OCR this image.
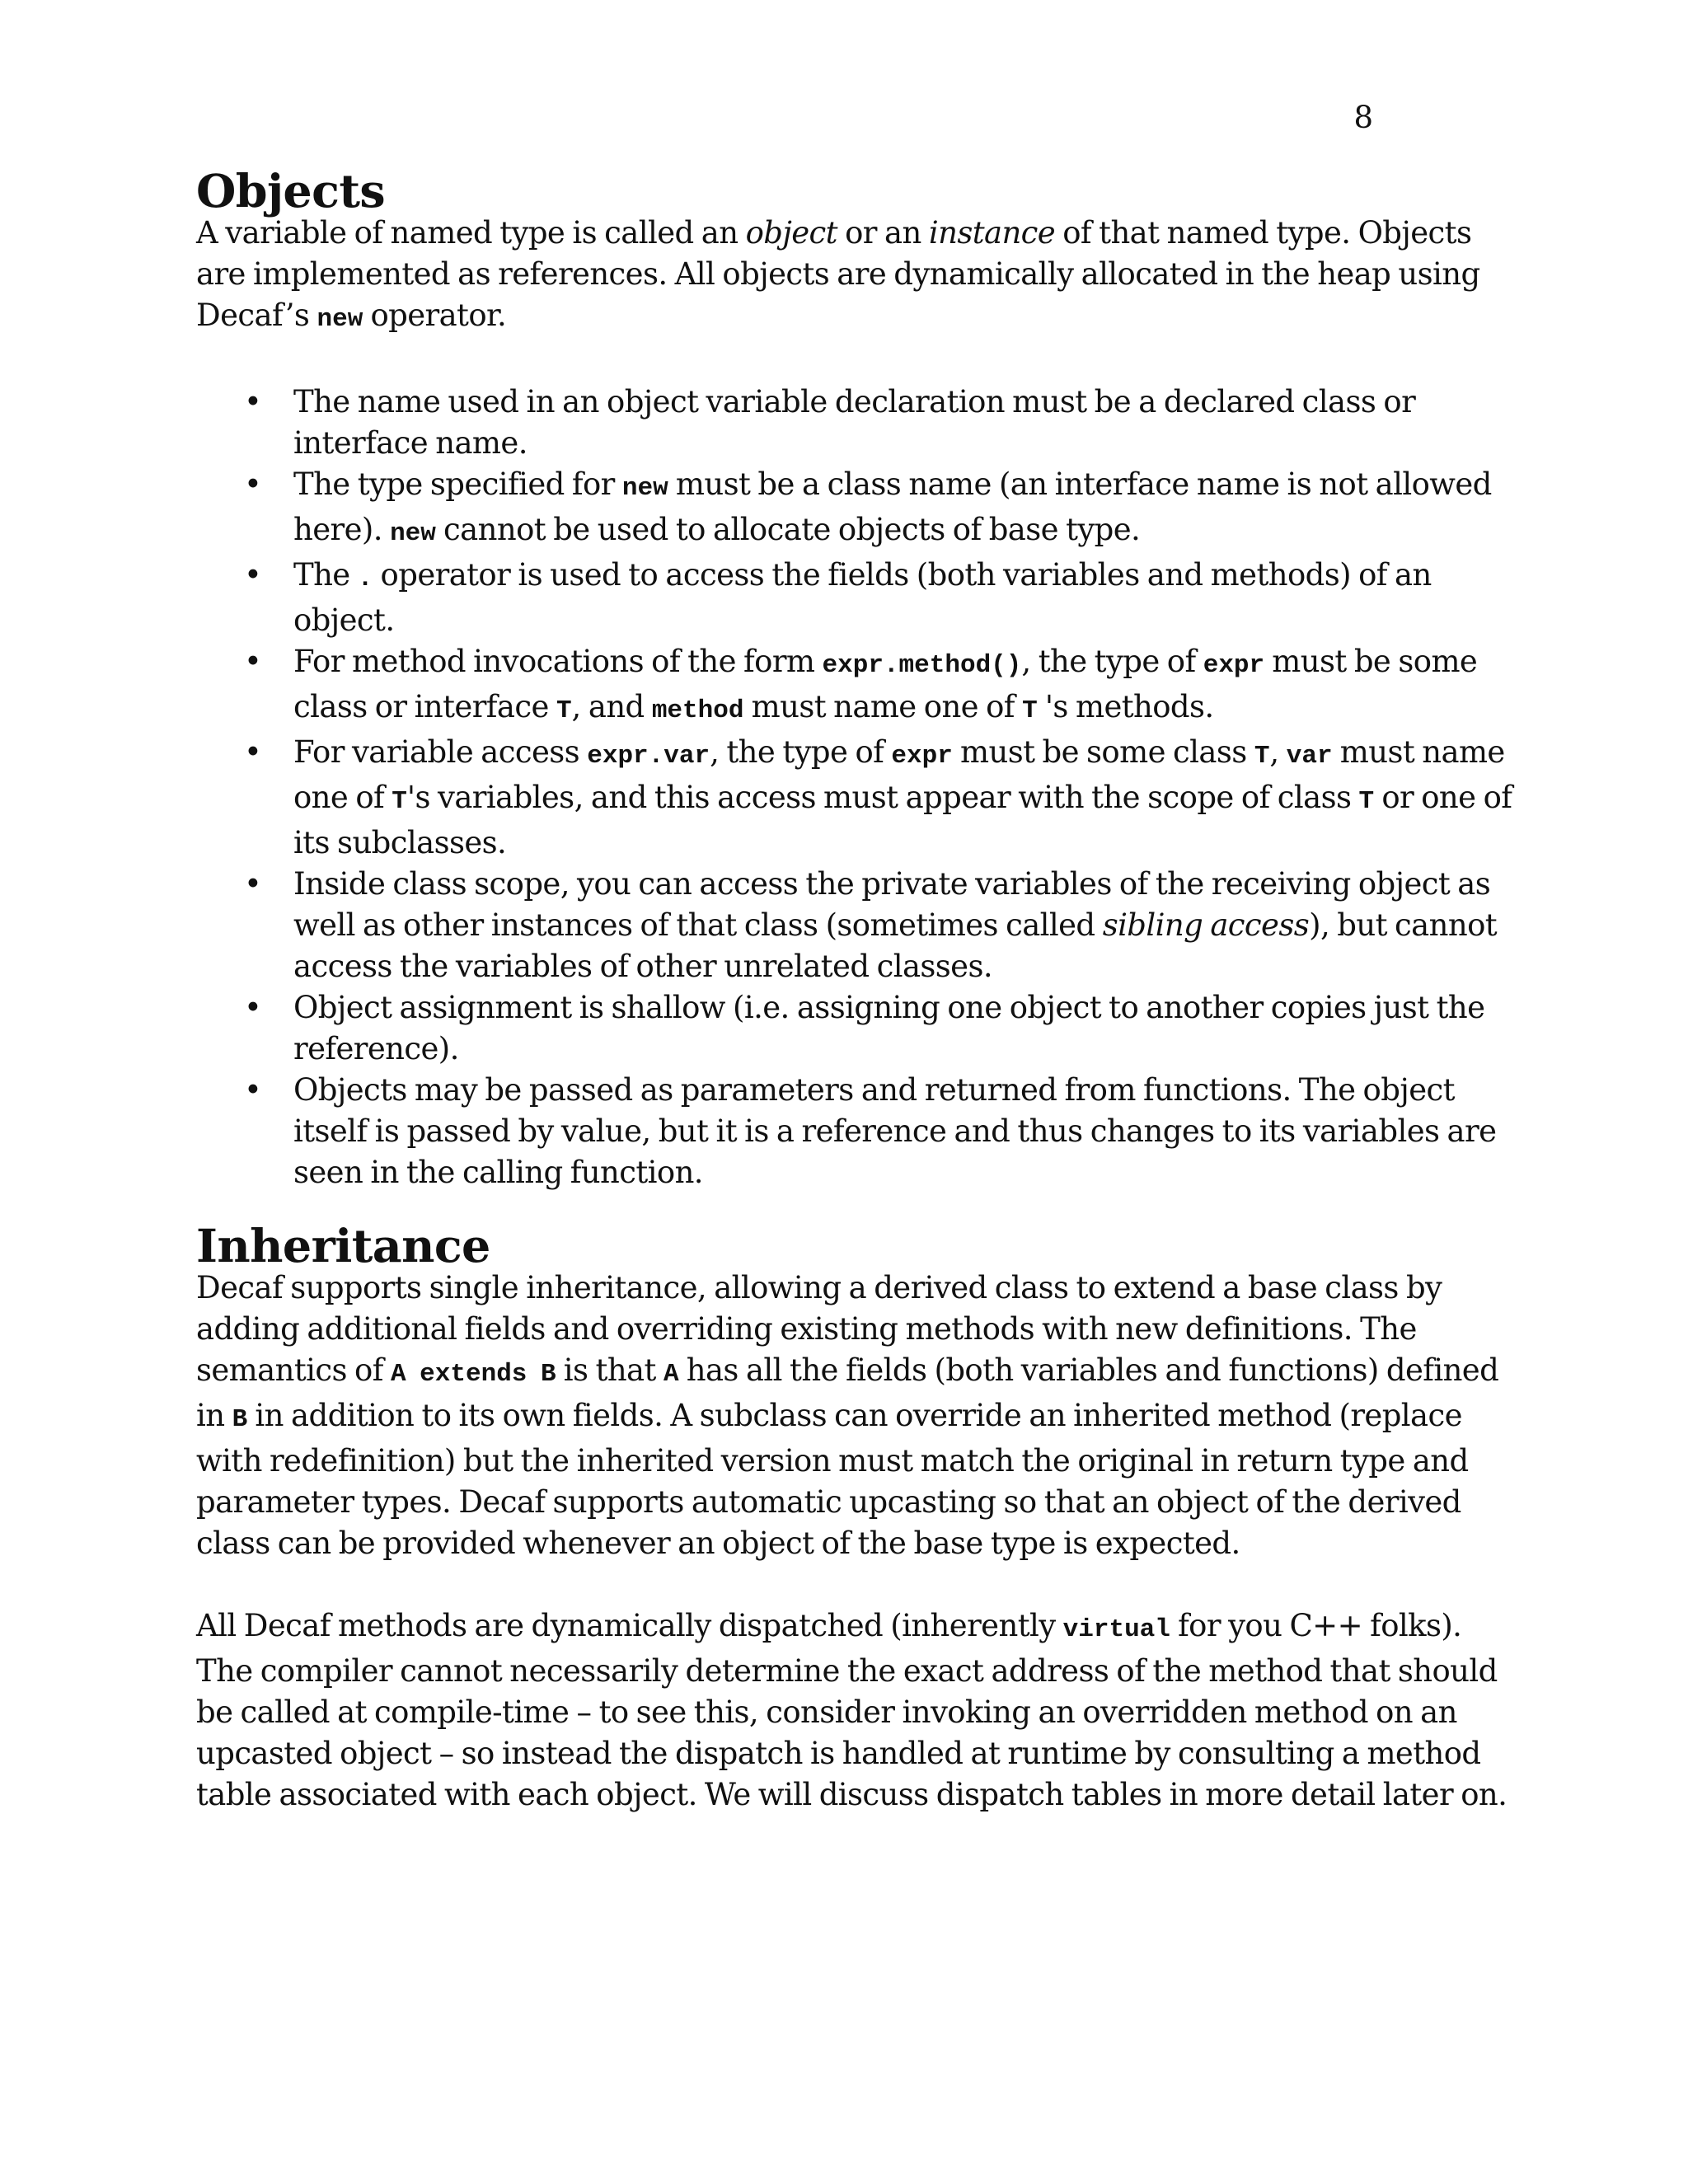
8
Objects

A variable of named type is called an object or an instance of that named type. Objects are implemented as references. All objects are dynamically allocated in the heap using Decaf’s new operator.

• The name used in an object variable declaration must be a declared class or interface name.
• The type specified for new must be a class name (an interface name is not allowed here). new cannot be used to allocate objects of base type.
• The . operator is used to access the fields (both variables and methods) of an object.
• For method invocations of the form expr.method(), the type of expr must be some class or interface T, and method must name one of T 's methods.
• For variable access expr.var, the type of expr must be some class T, var must name one of T's variables, and this access must appear with the scope of class T or one of its subclasses.
• Inside class scope, you can access the private variables of the receiving object as well as other instances of that class (sometimes called sibling access), but cannot access the variables of other unrelated classes.
• Object assignment is shallow (i.e. assigning one object to another copies just the reference).
• Objects may be passed as parameters and returned from functions. The object itself is passed by value, but it is a reference and thus changes to its variables are seen in the calling function.
Inheritance

Decaf supports single inheritance, allowing a derived class to extend a base class by adding additional fields and overriding existing methods with new definitions. The semantics of A extends B is that A has all the fields (both variables and functions) defined in B in addition to its own fields. A subclass can override an inherited method (replace with redefinition) but the inherited version must match the original in return type and parameter types. Decaf supports automatic upcasting so that an object of the derived class can be provided whenever an object of the base type is expected.

All Decaf methods are dynamically dispatched (inherently virtual for you C++ folks). The compiler cannot necessarily determine the exact address of the method that should be called at compile-time – to see this, consider invoking an overridden method on an upcasted object – so instead the dispatch is handled at runtime by consulting a method table associated with each object. We will discuss dispatch tables in more detail later on.
